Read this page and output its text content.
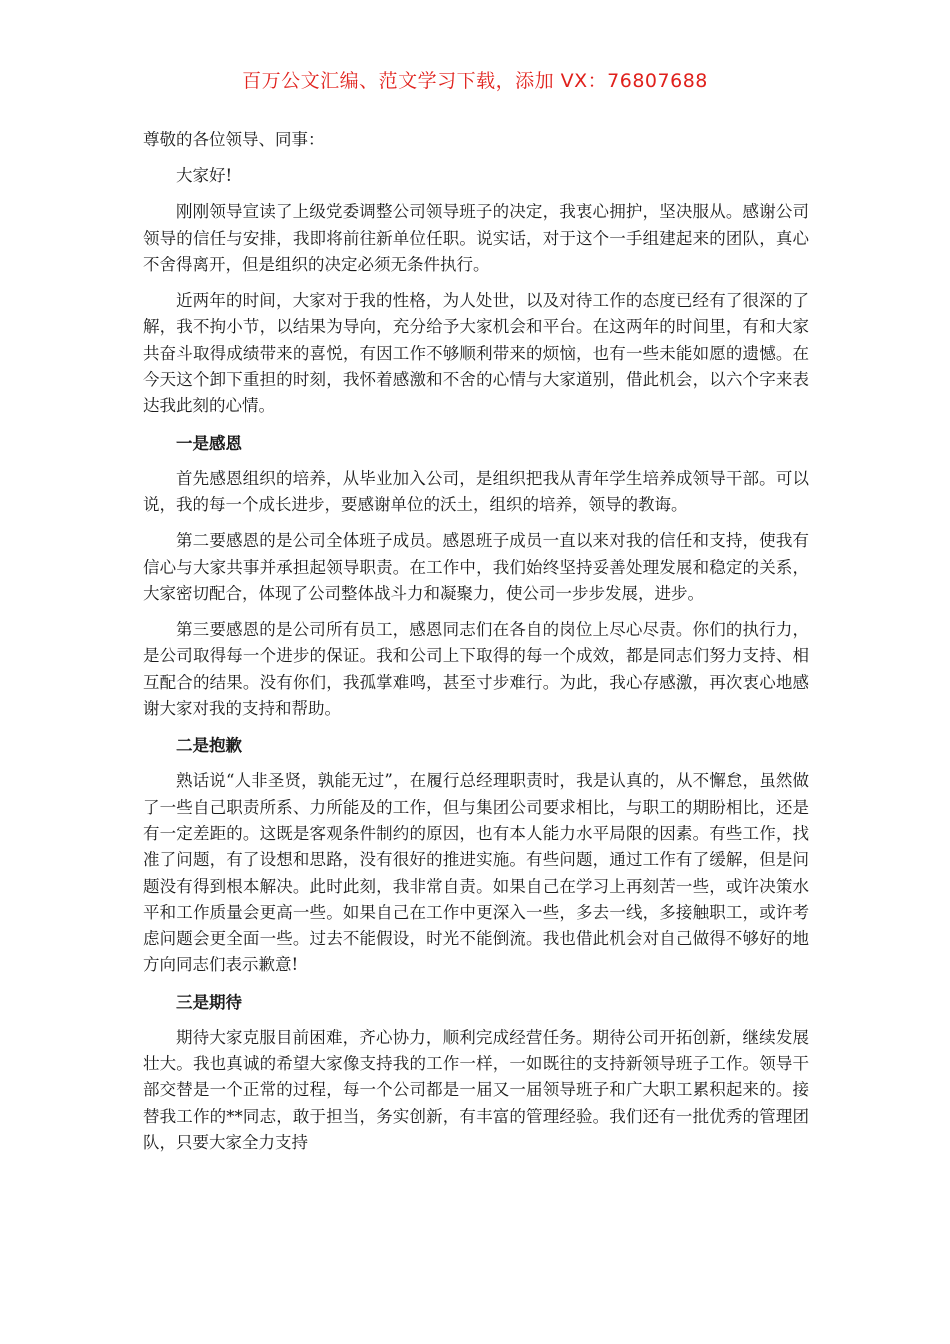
百万公文汇编、范文学习下载，添加 VX：76807688

尊敬的各位领导、同事：

大家好!

刚刚领导宣读了上级党委调整公司领导班子的决定，我衷心拥护，坚决服从。感谢公司领导的信任与安排，我即将前往新单位任职。说实话，对于这个一手组建起来的团队，真心不舍得离开，但是组织的决定必须无条件执行。

近两年的时间，大家对于我的性格，为人处世，以及对待工作的态度已经有了很深的了解，我不拘小节，以结果为导向，充分给予大家机会和平台。在这两年的时间里，有和大家共奋斗取得成绩带来的喜悦，有因工作不够顺利带来的烦恼，也有一些未能如愿的遗憾。在今天这个卸下重担的时刻，我怀着感激和不舍的心情与大家道别，借此机会，以六个字来表达我此刻的心情。

一是感恩

首先感恩组织的培养，从毕业加入公司，是组织把我从青年学生培养成领导干部。可以说，我的每一个成长进步，要感谢单位的沃土，组织的培养，领导的教诲。

第二要感恩的是公司全体班子成员。感恩班子成员一直以来对我的信任和支持，使我有信心与大家共事并承担起领导职责。在工作中，我们始终坚持妥善处理发展和稳定的关系，大家密切配合，体现了公司整体战斗力和凝聚力，使公司一步步发展，进步。

第三要感恩的是公司所有员工，感恩同志们在各自的岗位上尽心尽责。你们的执行力，是公司取得每一个进步的保证。我和公司上下取得的每一个成效，都是同志们努力支持、相互配合的结果。没有你们，我孤掌难鸣，甚至寸步难行。为此，我心存感激，再次衷心地感谢大家对我的支持和帮助。

二是抱歉

熟话说“人非圣贤，孰能无过”，在履行总经理职责时，我是认真的，从不懈怠，虽然做了一些自己职责所系、力所能及的工作，但与集团公司要求相比，与职工的期盼相比，还是有一定差距的。这既是客观条件制约的原因，也有本人能力水平局限的因素。有些工作，找准了问题，有了设想和思路，没有很好的推进实施。有些问题，通过工作有了缓解，但是问题没有得到根本解决。此时此刻，我非常自责。如果自己在学习上再刻苦一些，或许决策水平和工作质量会更高一些。如果自己在工作中更深入一些，多去一线，多接触职工，或许考虑问题会更全面一些。过去不能假设，时光不能倒流。我也借此机会对自己做得不够好的地方向同志们表示歉意!

三是期待

期待大家克服目前困难，齐心协力，顺利完成经营任务。期待公司开拓创新，继续发展壮大。我也真诚的希望大家像支持我的工作一样，一如既往的支持新领导班子工作。领导干部交替是一个正常的过程，每一个公司都是一届又一届领导班子和广大职工累积起来的。接替我工作的**同志，敢于担当，务实创新，有丰富的管理经验。我们还有一批优秀的管理团队，只要大家全力支持
